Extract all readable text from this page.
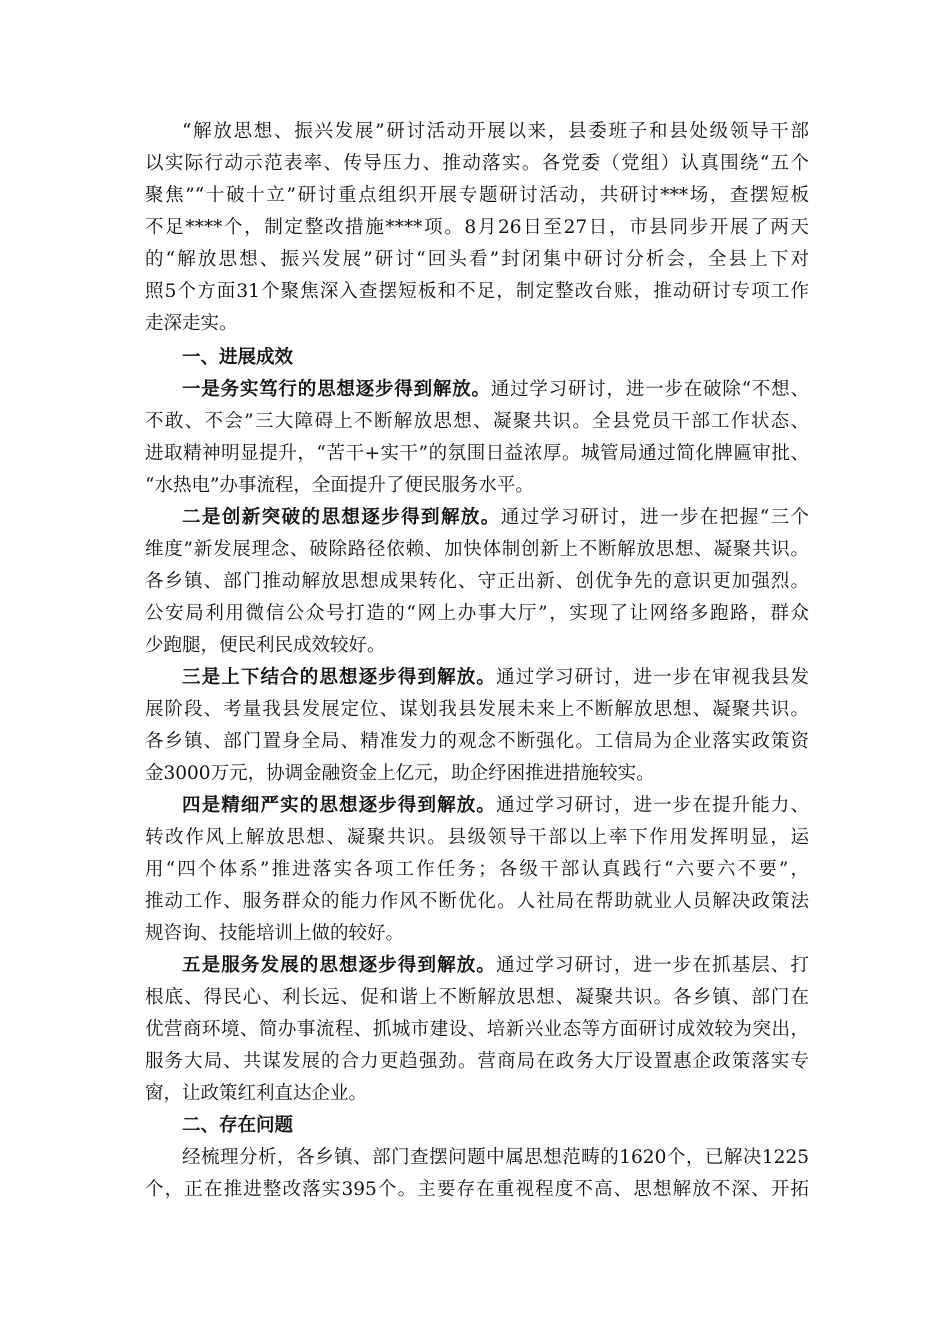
“解放思想、振兴发展”研讨活动开展以来，县委班子和县处级领导干部
以实际行动示范表率、传导压力、推动落实。各党委（党组）认真围绕“五个
聚焦”“十破十立”研讨重点组织开展专题研讨活动，共研讨***场，查摆短板
不足****个，制定整改措施****项。8月26日至27日，市县同步开展了两天
的“解放思想、振兴发展”研讨“回头看”封闭集中研讨分析会，全县上下对
照5个方面31个聚焦深入查摆短板和不足，制定整改台账，推动研讨专项工作
走深走实。
一、进展成效
一是务实笃行的思想逐步得到解放。通过学习研讨，进一步在破除“不想、
不敢、不会”三大障碍上不断解放思想、凝聚共识。全县党员干部工作状态、
进取精神明显提升，“苦干+实干”的氛围日益浓厚。城管局通过简化牌匾审批、
“水热电”办事流程，全面提升了便民服务水平。
二是创新突破的思想逐步得到解放。通过学习研讨，进一步在把握“三个
维度”新发展理念、破除路径依赖、加快体制创新上不断解放思想、凝聚共识。
各乡镇、部门推动解放思想成果转化、守正出新、创优争先的意识更加强烈。
公安局利用微信公众号打造的“网上办事大厅”，实现了让网络多跑路，群众
少跑腿，便民利民成效较好。
三是上下结合的思想逐步得到解放。通过学习研讨，进一步在审视我县发
展阶段、考量我县发展定位、谋划我县发展未来上不断解放思想、凝聚共识。
各乡镇、部门置身全局、精准发力的观念不断强化。工信局为企业落实政策资
金3000万元，协调金融资金上亿元，助企纾困推进措施较实。
四是精细严实的思想逐步得到解放。通过学习研讨，进一步在提升能力、
转改作风上解放思想、凝聚共识。县级领导干部以上率下作用发挥明显，运
用“四个体系”推进落实各项工作任务；各级干部认真践行“六要六不要”，
推动工作、服务群众的能力作风不断优化。人社局在帮助就业人员解决政策法
规咨询、技能培训上做的较好。
五是服务发展的思想逐步得到解放。通过学习研讨，进一步在抓基层、打
根底、得民心、利长远、促和谐上不断解放思想、凝聚共识。各乡镇、部门在
优营商环境、简办事流程、抓城市建设、培新兴业态等方面研讨成效较为突出，
服务大局、共谋发展的合力更趋强劲。营商局在政务大厅设置惠企政策落实专
窗，让政策红利直达企业。
二、存在问题
经梳理分析，各乡镇、部门查摆问题中属思想范畴的1620个，已解决1225
个，正在推进整改落实395个。主要存在重视程度不高、思想解放不深、开拓
